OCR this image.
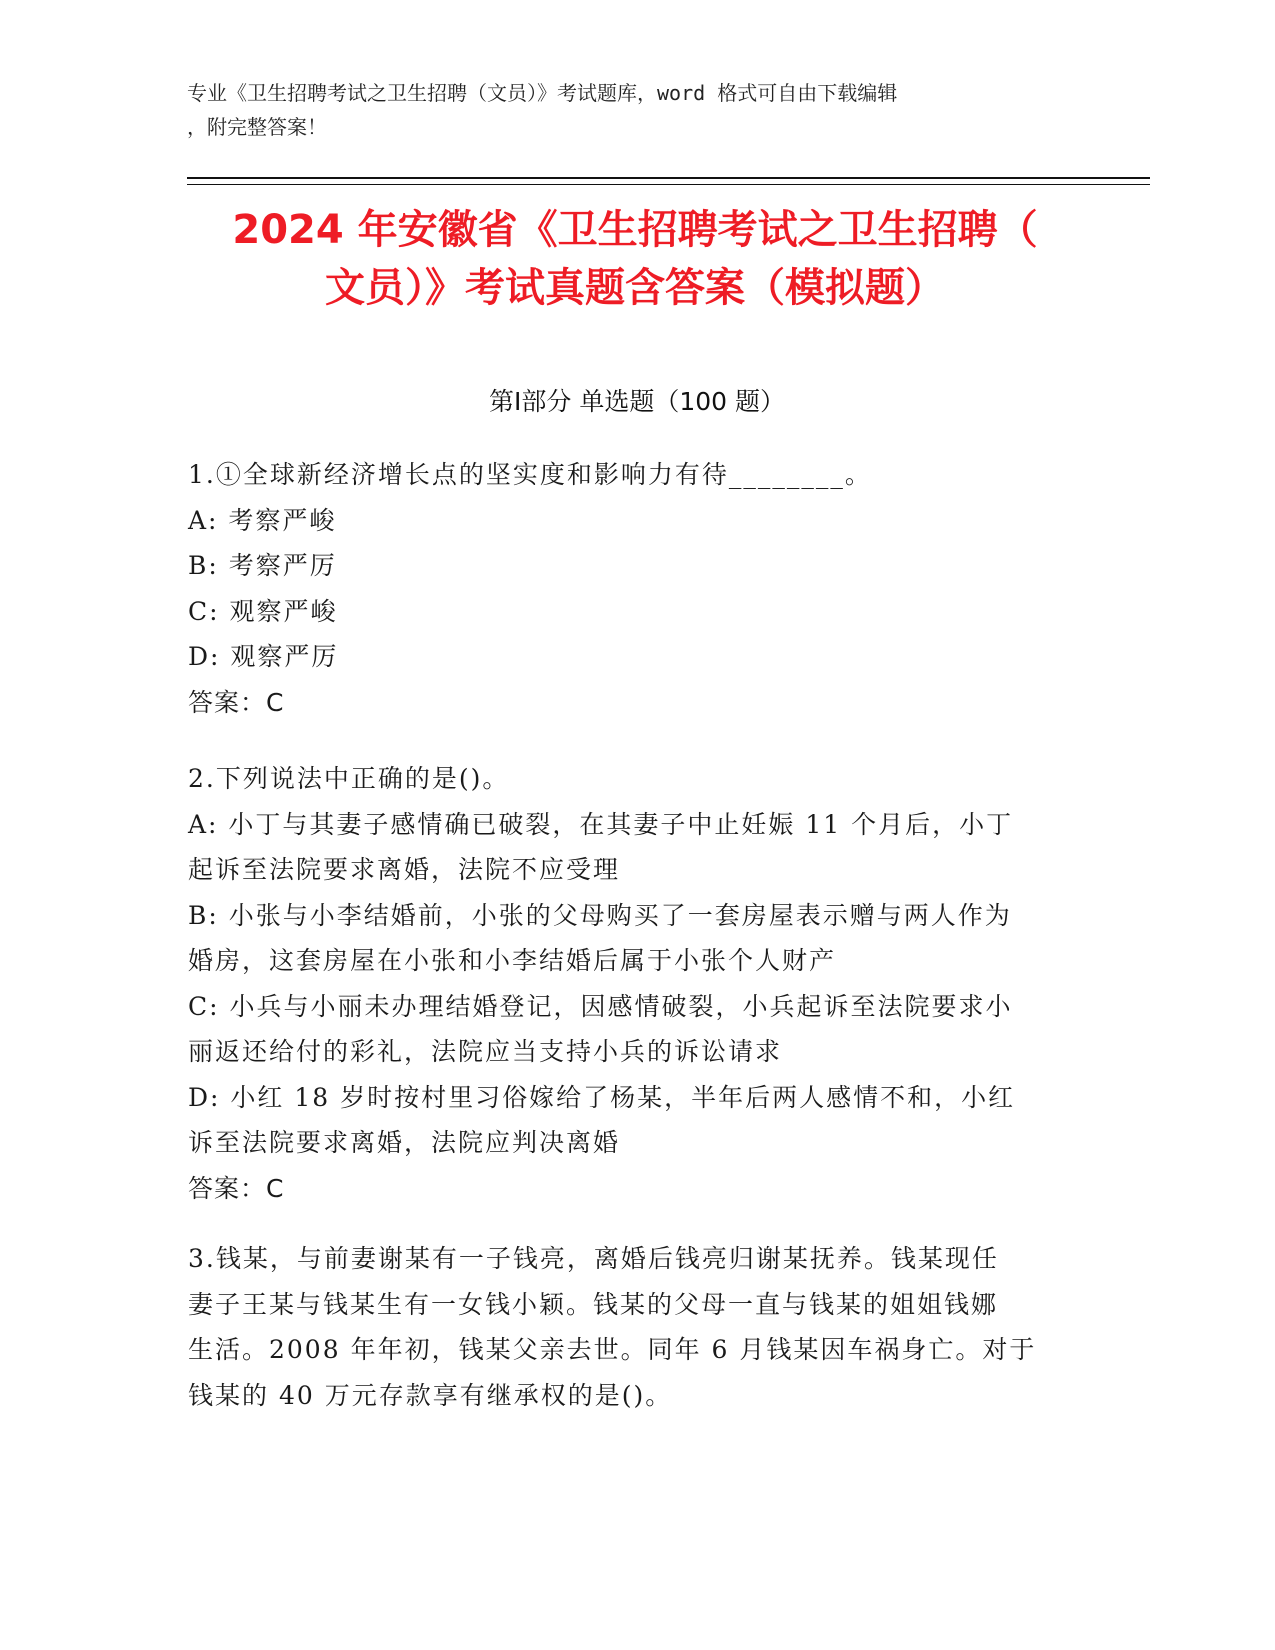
专业《卫生招聘考试之卫生招聘（文员）》考试题库，word 格式可自由下载编辑
，附完整答案！
2024 年安徽省《卫生招聘考试之卫生招聘（
文员）》考试真题含答案（模拟题）
第Ⅰ部分 单选题（100 题）
1.①全球新经济增长点的坚实度和影响力有待________。
A: 考察严峻
B: 考察严厉
C: 观察严峻
D: 观察严厉
答案：C
2.下列说法中正确的是()。
A: 小丁与其妻子感情确已破裂，在其妻子中止妊娠 11 个月后，小丁
起诉至法院要求离婚，法院不应受理
B: 小张与小李结婚前，小张的父母购买了一套房屋表示赠与两人作为
婚房，这套房屋在小张和小李结婚后属于小张个人财产
C: 小兵与小丽未办理结婚登记，因感情破裂，小兵起诉至法院要求小
丽返还给付的彩礼，法院应当支持小兵的诉讼请求
D: 小红 18 岁时按村里习俗嫁给了杨某，半年后两人感情不和，小红
诉至法院要求离婚，法院应判决离婚
答案：C
3.钱某，与前妻谢某有一子钱亮，离婚后钱亮归谢某抚养。钱某现任
妻子王某与钱某生有一女钱小颖。钱某的父母一直与钱某的姐姐钱娜
生活。2008 年年初，钱某父亲去世。同年 6 月钱某因车祸身亡。对于
钱某的 40 万元存款享有继承权的是()。
